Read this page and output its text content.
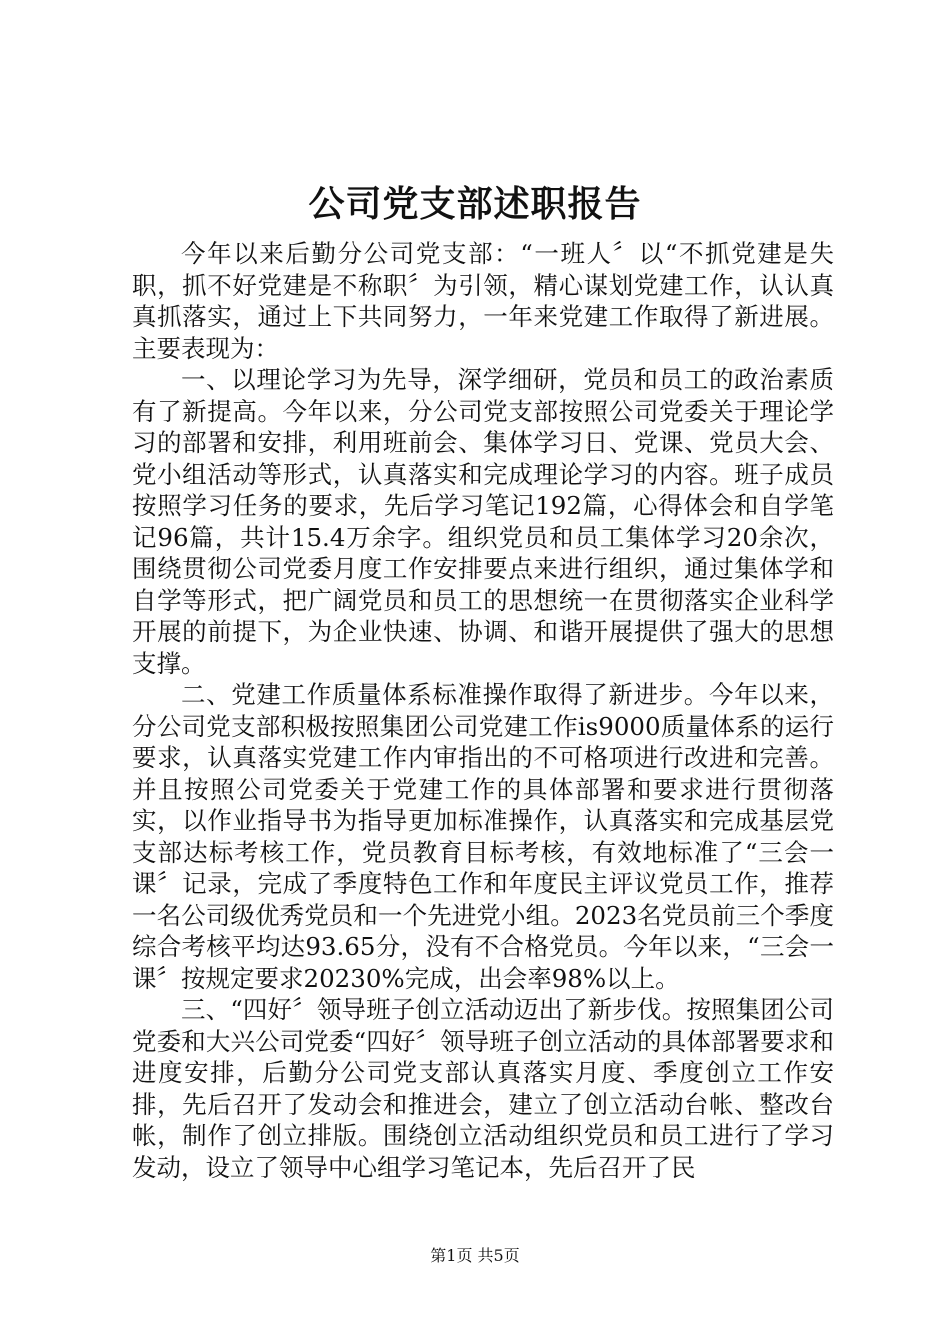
公司党支部述职报告

今年以来后勤分公司党支部：“一班人〞以“不抓党建是失职，抓不好党建是不称职〞为引领，精心谋划党建工作，认认真真抓落实，通过上下共同努力，一年来党建工作取得了新进展。主要表现为：

一、以理论学习为先导，深学细研，党员和员工的政治素质有了新提高。今年以来，分公司党支部按照公司党委关于理论学习的部署和安排，利用班前会、集体学习日、党课、党员大会、党小组活动等形式，认真落实和完成理论学习的内容。班子成员按照学习任务的要求，先后学习笔记192篇，心得体会和自学笔记96篇，共计15.4万余字。组织党员和员工集体学习20余次，围绕贯彻公司党委月度工作安排要点来进行组织，通过集体学和自学等形式，把广阔党员和员工的思想统一在贯彻落实企业科学开展的前提下，为企业快速、协调、和谐开展提供了强大的思想支撑。

二、党建工作质量体系标准操作取得了新进步。今年以来，分公司党支部积极按照集团公司党建工作is9000质量体系的运行要求，认真落实党建工作内审指出的不可格项进行改进和完善。并且按照公司党委关于党建工作的具体部署和要求进行贯彻落实，以作业指导书为指导更加标准操作，认真落实和完成基层党支部达标考核工作，党员教育目标考核，有效地标准了“三会一课〞记录，完成了季度特色工作和年度民主评议党员工作，推荐一名公司级优秀党员和一个先进党小组。2023名党员前三个季度综合考核平均达93.65分，没有不合格党员。今年以来，“三会一课〞按规定要求20230%完成，出会率98%以上。

三、“四好〞领导班子创立活动迈出了新步伐。按照集团公司党委和大兴公司党委“四好〞领导班子创立活动的具体部署要求和进度安排，后勤分公司党支部认真落实月度、季度创立工作安排，先后召开了发动会和推进会，建立了创立活动台帐、整改台帐，制作了创立排版。围绕创立活动组织党员和员工进行了学习发动，设立了领导中心组学习笔记本，先后召开了民

第1页 共5页
